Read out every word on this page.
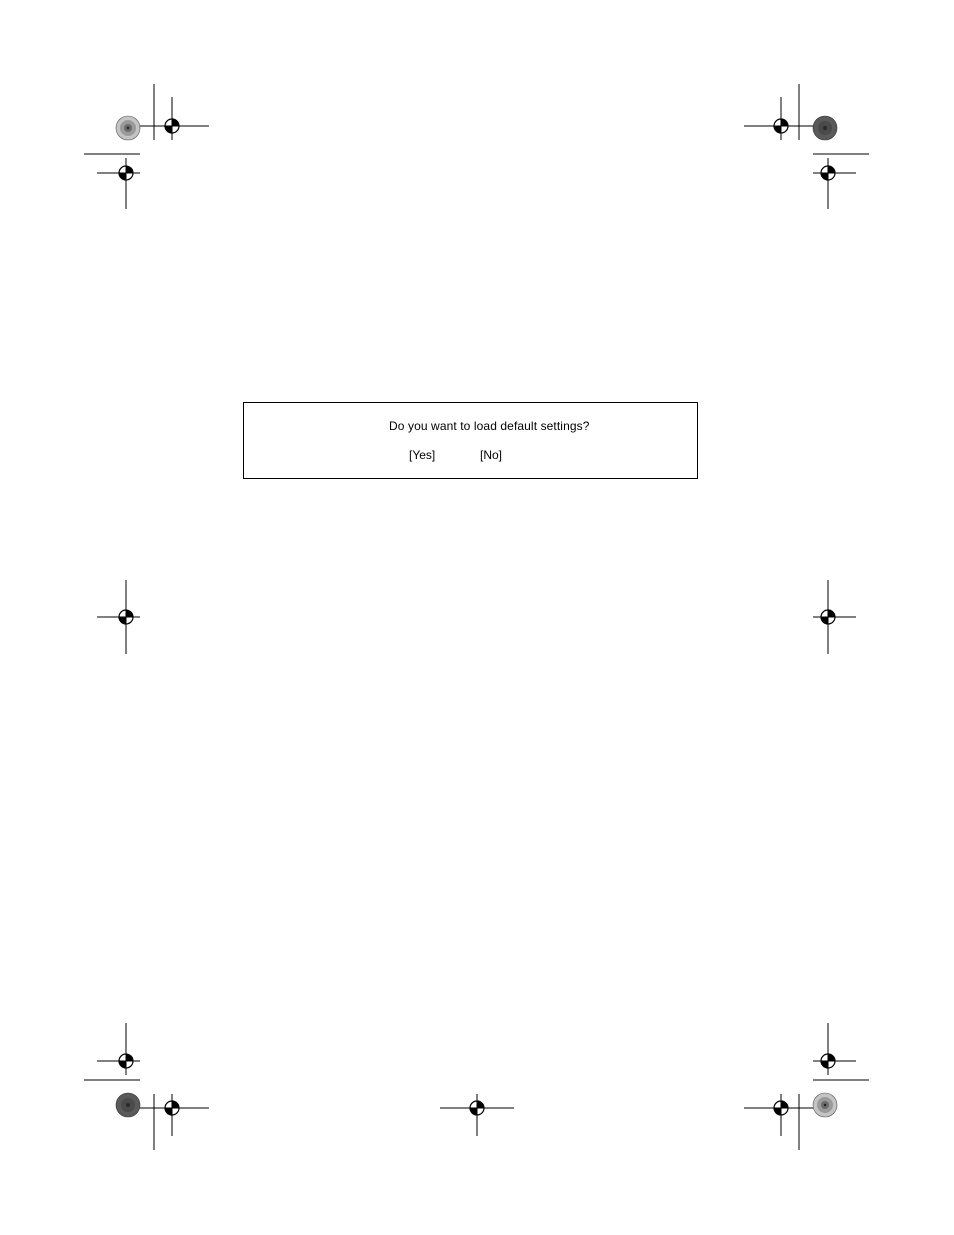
Do you want to load default settings?
[Yes]	[No]
